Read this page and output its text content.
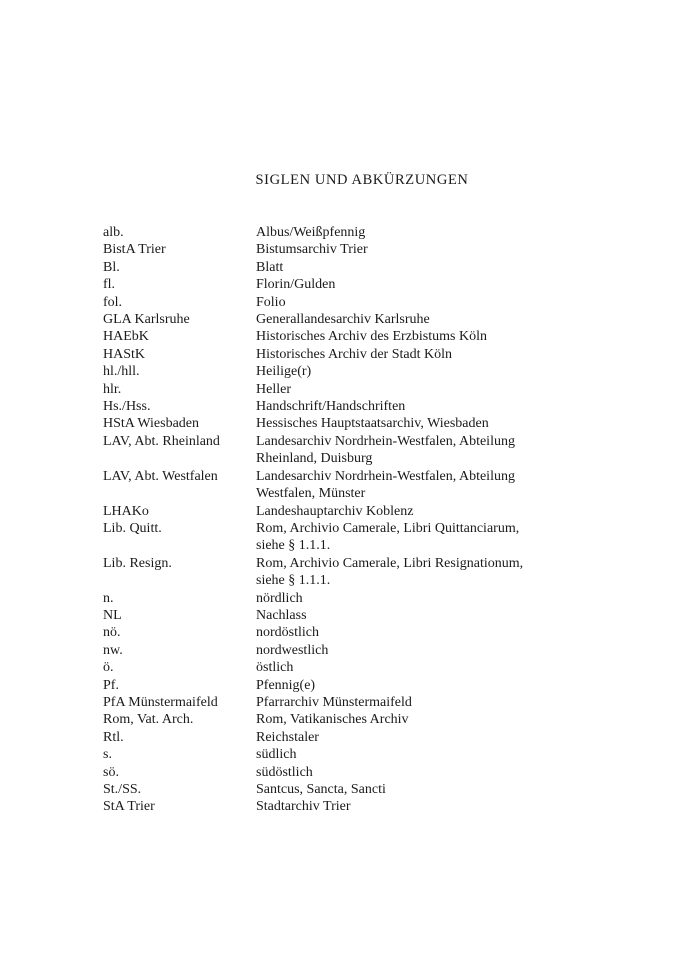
SIGLEN UND ABKÜRZUNGEN
alb.	Albus/Weißpfennig
BistA Trier	Bistumsarchiv Trier
Bl.	Blatt
fl.	Florin/Gulden
fol.	Folio
GLA Karlsruhe	Generallandesarchiv Karlsruhe
HAEbK	Historisches Archiv des Erzbistums Köln
HAStK	Historisches Archiv der Stadt Köln
hl./hll.	Heilige(r)
hlr.	Heller
Hs./Hss.	Handschrift/Handschriften
HStA Wiesbaden	Hessisches Hauptstaatsarchiv, Wiesbaden
LAV, Abt. Rheinland	Landesarchiv Nordrhein-Westfalen, Abteilung
Rheinland, Duisburg
LAV, Abt. Westfalen	Landesarchiv Nordrhein-Westfalen, Abteilung
Westfalen, Münster
LHAKo	Landeshauptarchiv Koblenz
Lib. Quitt.	Rom, Archivio Camerale, Libri Quittanciarum,
siehe § 1.1.1.
Lib. Resign.	Rom, Archivio Camerale, Libri Resignationum,
siehe § 1.1.1.
n.	nördlich
NL	Nachlass
nö.	nordöstlich
nw.	nordwestlich
ö.	östlich
Pf.	Pfennig(e)
PfA Münstermaifeld	Pfarrarchiv Münstermaifeld
Rom, Vat. Arch.	Rom, Vatikanisches Archiv
Rtl.	Reichstaler
s.	südlich
sö.	südöstlich
St./SS.	Santcus, Sancta, Sancti
StA Trier	Stadtarchiv Trier
